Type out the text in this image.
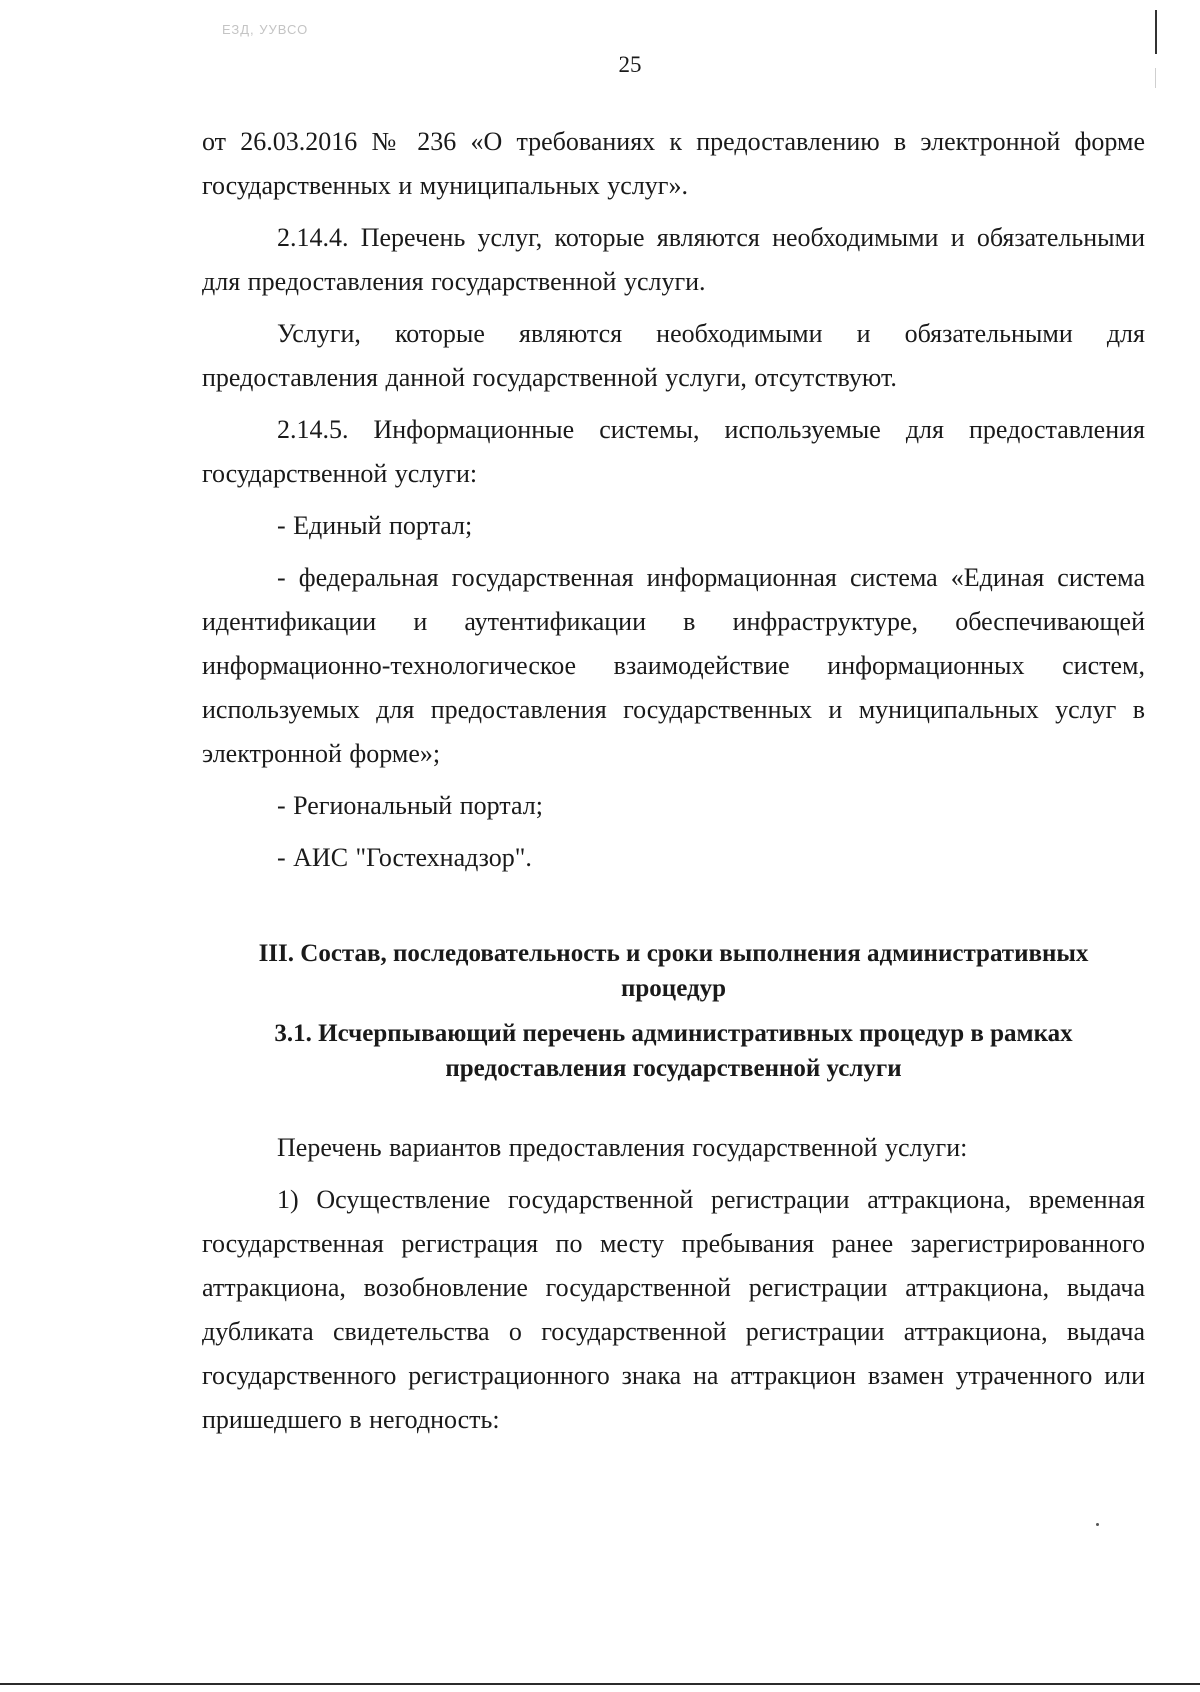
ЕЗД, УУВСО
25

от 26.03.2016 № 236 «О требованиях к предоставлению в электронной форме государственных и муниципальных услуг».

2.14.4. Перечень услуг, которые являются необходимыми и обязательными для предоставления государственной услуги.

Услуги, которые являются необходимыми и обязательными для предоставления данной государственной услуги, отсутствуют.

2.14.5. Информационные системы, используемые для предоставления государственной услуги:

- Единый портал;

- федеральная государственная информационная система «Единая система идентификации и аутентификации в инфраструктуре, обеспечивающей информационно-технологическое взаимодействие информационных систем, используемых для предоставления государственных и муниципальных услуг в электронной форме»;

- Региональный портал;

- АИС "Гостехнадзор".

III. Состав, последовательность и сроки выполнения административных

процедур

3.1. Исчерпывающий перечень административных процедур в рамках

предоставления государственной услуги

Перечень вариантов предоставления государственной услуги:

1) Осуществление государственной регистрации аттракциона, временная государственная регистрация по месту пребывания ранее зарегистрированного аттракциона, возобновление государственной регистрации аттракциона, выдача дубликата свидетельства о государственной регистрации аттракциона, выдача государственного регистрационного знака на аттракцион взамен утраченного или пришедшего в негодность:
